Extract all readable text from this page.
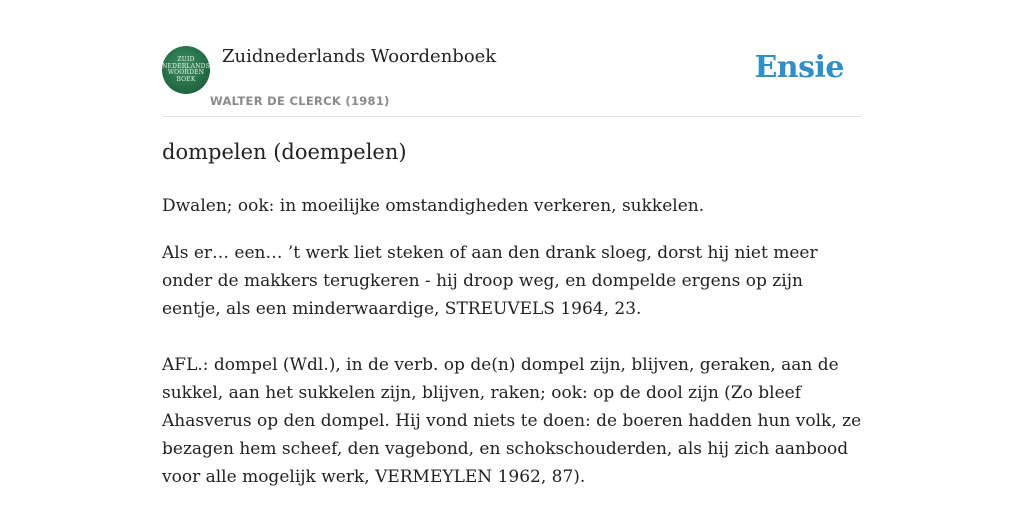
ZUID
NEDERLANDS
WOORDEN
BOEK
Zuidnederlands Woordenboek
WALTER DE CLERCK (1981)
Ensie
dompelen (doempelen)
Dwalen; ook: in moeilijke omstandigheden verkeren, sukkelen.

Als er… een… ’t werk liet steken of aan den drank sloeg, dorst hij niet meer onder de makkers terugkeren - hij droop weg, en dompelde ergens op zijn eentje, als een minderwaardige, STREUVELS 1964, 23.

AFL.: dompel (Wdl.), in de verb. op de(n) dompel zijn, blijven, geraken, aan de sukkel, aan het sukkelen zijn, blijven, raken; ook: op de dool zijn (Zo bleef Ahasverus op den dompel. Hij vond niets te doen: de boeren hadden hun volk, ze bezagen hem scheef, den vagebond, en schokschouderden, als hij zich aanbood voor alle mogelijk werk, VERMEYLEN 1962, 87).
